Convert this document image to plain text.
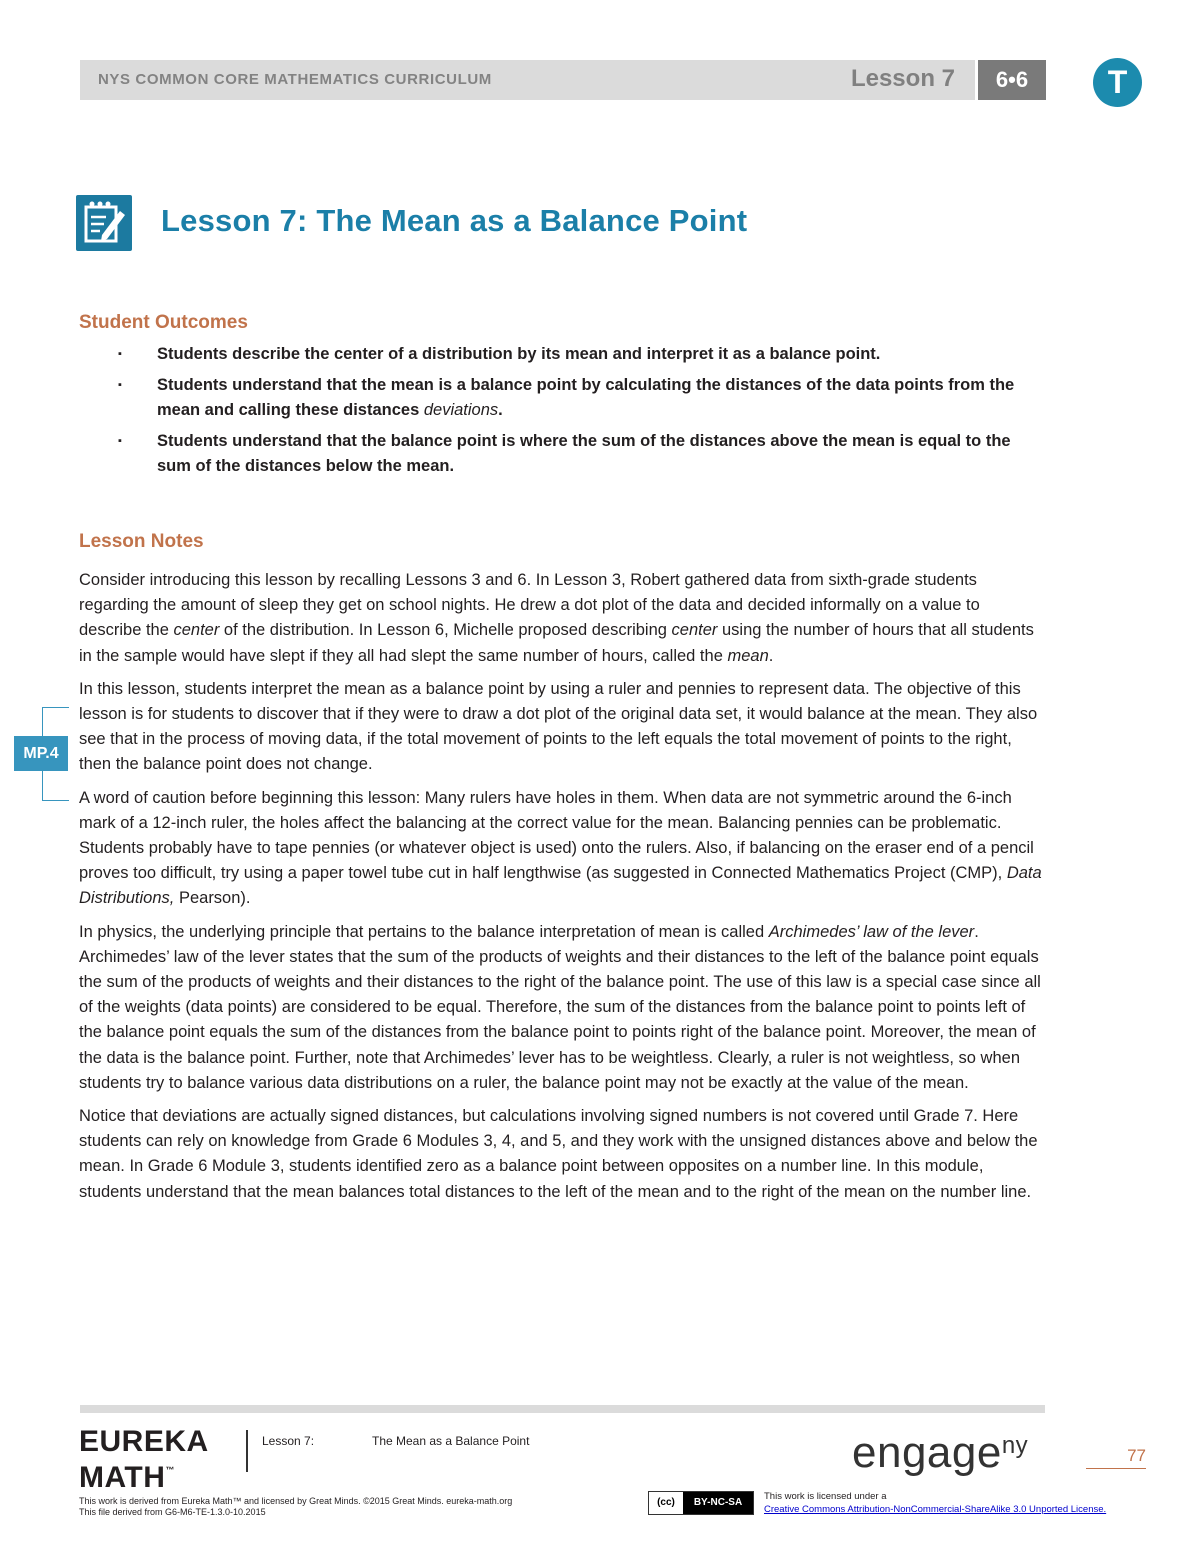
NYS COMMON CORE MATHEMATICS CURRICULUM	Lesson 7	6•6	T
Lesson 7: The Mean as a Balance Point
Student Outcomes
▪ Students describe the center of a distribution by its mean and interpret it as a balance point.
▪ Students understand that the mean is a balance point by calculating the distances of the data points from the mean and calling these distances deviations.
▪ Students understand that the balance point is where the sum of the distances above the mean is equal to the sum of the distances below the mean.
Lesson Notes
MP.4

Consider introducing this lesson by recalling Lessons 3 and 6. In Lesson 3, Robert gathered data from sixth-grade students regarding the amount of sleep they get on school nights. He drew a dot plot of the data and decided informally on a value to describe the center of the distribution. In Lesson 6, Michelle proposed describing center using the number of hours that all students in the sample would have slept if they all had slept the same number of hours, called the mean.

In this lesson, students interpret the mean as a balance point by using a ruler and pennies to represent data. The objective of this lesson is for students to discover that if they were to draw a dot plot of the original data set, it would balance at the mean. They also see that in the process of moving data, if the total movement of points to the left equals the total movement of points to the right, then the balance point does not change.

A word of caution before beginning this lesson: Many rulers have holes in them. When data are not symmetric around the 6-inch mark of a 12-inch ruler, the holes affect the balancing at the correct value for the mean. Balancing pennies can be problematic. Students probably have to tape pennies (or whatever object is used) onto the rulers. Also, if balancing on the eraser end of a pencil proves too difficult, try using a paper towel tube cut in half lengthwise (as suggested in Connected Mathematics Project (CMP), Data Distributions, Pearson).

In physics, the underlying principle that pertains to the balance interpretation of mean is called Archimedes’ law of the lever. Archimedes’ law of the lever states that the sum of the products of weights and their distances to the left of the balance point equals the sum of the products of weights and their distances to the right of the balance point. The use of this law is a special case since all of the weights (data points) are considered to be equal. Therefore, the sum of the distances from the balance point to points left of the balance point equals the sum of the distances from the balance point to points right of the balance point. Moreover, the mean of the data is the balance point. Further, note that Archimedes’ lever has to be weightless. Clearly, a ruler is not weightless, so when students try to balance various data distributions on a ruler, the balance point may not be exactly at the value of the mean.

Notice that deviations are actually signed distances, but calculations involving signed numbers is not covered until Grade 7. Here students can rely on knowledge from Grade 6 Modules 3, 4, and 5, and they work with the unsigned distances above and below the mean. In Grade 6 Module 3, students identified zero as a balance point between opposites on a number line. In this module, students understand that the mean balances total distances to the left of the mean and to the right of the mean on the number line.

EUREKA
MATH™
Lesson 7:	The Mean as a Balance Point	engage$^{ny}$	77
This work is derived from Eureka Math™ and licensed by Great Minds. ©2015 Great Minds. eureka-math.org
This file derived from G6-M6-TE-1.3.0-10.2015
(cc) BY-NC-SA
This work is licensed under a
Creative Commons Attribution-NonCommercial-ShareAlike 3.0 Unported License.
